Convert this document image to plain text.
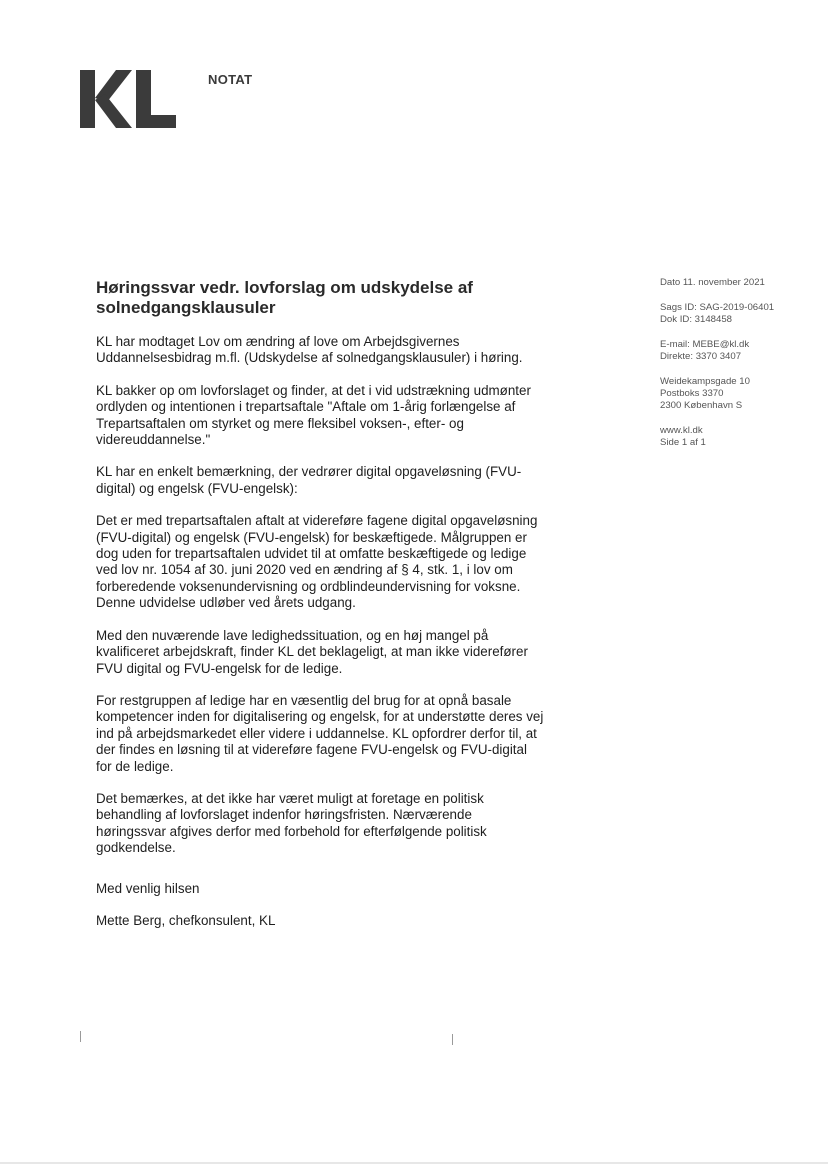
NOTAT
Høringssvar vedr. lovforslag om udskydelse af solnedgangsklausuler

KL har modtaget Lov om ændring af love om Arbejdsgivernes Uddannelsesbidrag m.fl. (Udskydelse af solnedgangsklausuler) i høring.

KL bakker op om lovforslaget og finder, at det i vid udstrækning udmønter ordlyden og intentionen i trepartsaftale "Aftale om 1-årig forlængelse af Trepartsaftalen om styrket og mere fleksibel voksen-, efter- og videreuddannelse."

KL har en enkelt bemærkning, der vedrører digital opgaveløsning (FVU-digital) og engelsk (FVU-engelsk):

Det er med trepartsaftalen aftalt at videreføre fagene digital opgaveløsning (FVU-digital) og engelsk (FVU-engelsk) for beskæftigede. Målgruppen er dog uden for trepartsaftalen udvidet til at omfatte beskæftigede og ledige ved lov nr. 1054 af 30. juni 2020 ved en ændring af § 4, stk. 1, i lov om forberedende voksenundervisning og ordblindeundervisning for voksne. Denne udvidelse udløber ved årets udgang.

Med den nuværende lave ledighedssituation, og en høj mangel på kvalificeret arbejdskraft, finder KL det beklageligt, at man ikke viderefører FVU digital og FVU-engelsk for de ledige.

For restgruppen af ledige har en væsentlig del brug for at opnå basale kompetencer inden for digitalisering og engelsk, for at understøtte deres vej ind på arbejdsmarkedet eller videre i uddannelse. KL opfordrer derfor til, at der findes en løsning til at videreføre fagene FVU-engelsk og FVU-digital for de ledige.

Det bemærkes, at det ikke har været muligt at foretage en politisk behandling af lovforslaget indenfor høringsfristen. Nærværende høringssvar afgives derfor med forbehold for efterfølgende politisk godkendelse.

Med venlig hilsen

Mette Berg, chefkonsulent, KL

Dato 11. november 2021
Sags ID: SAG-2019-06401
Dok ID: 3148458
E-mail: MEBE@kl.dk
Direkte: 3370 3407
Weidekampsgade 10
Postboks 3370
2300 København S
www.kl.dk
Side 1 af 1
